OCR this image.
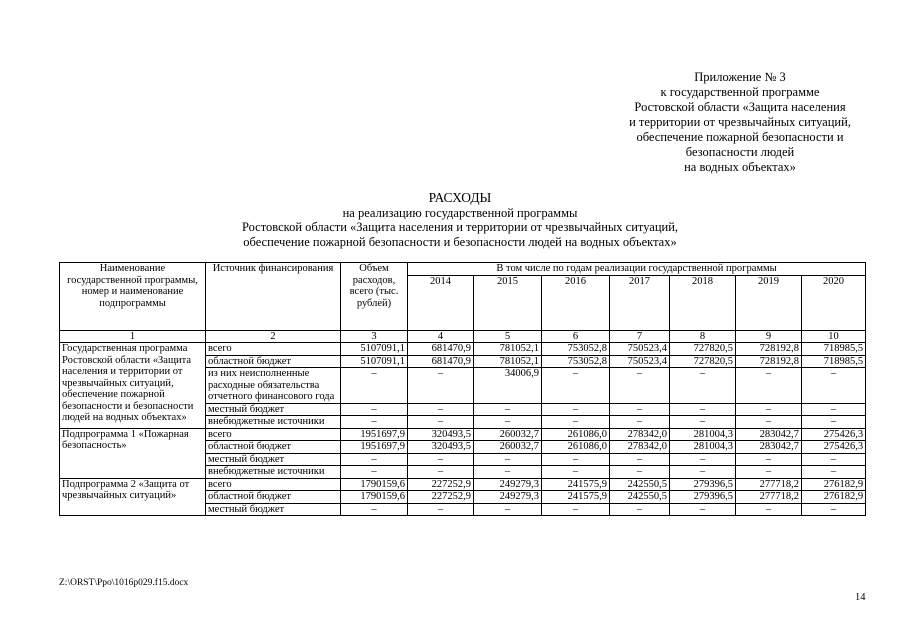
Приложение № 3
к государственной программе
Ростовской области «Защита населения
и территории от чрезвычайных ситуаций,
обеспечение пожарной безопасности и
безопасности людей
на водных объектах»
РАСХОДЫ
на реализацию государственной программы
Ростовской области «Защита населения и территории от чрезвычайных ситуаций,
обеспечение пожарной безопасности и безопасности людей на водных объектах»
Наименование государственной программы, номер и наименование подпрограммы	Источник финансирования	Объем расходов, всего (тыс. рублей)	В том числе по годам реализации государственной программы						
			2014	2015	2016	2017	2018	2019	2020
1	2	3	4	5	6	7	8	9	10
Государственная программа Ростовской области «Защита населения и территории от чрезвычайных ситуаций, обеспечение пожарной безопасности и безопасности людей на водных объектах»	всего	5107091,1	681470,9	781052,1	753052,8	750523,4	727820,5	728192,8	718985,5
	областной бюджет	5107091,1	681470,9	781052,1	753052,8	750523,4	727820,5	728192,8	718985,5
	из них неисполненные расходные обязательства отчетного финансового года	–	–	34006,9	–	–	–	–	–
	местный бюджет	–	–	–	–	–	–	–	–
	внебюджетные источники	–	–	–	–	–	–	–	–
Подпрограмма 1 «Пожарная безопасность»	всего	1951697,9	320493,5	260032,7	261086,0	278342,0	281004,3	283042,7	275426,3
	областной бюджет	1951697,9	320493,5	260032,7	261086,0	278342,0	281004,3	283042,7	275426,3
	местный бюджет	–	–	–	–	–	–	–	–
	внебюджетные источники	–	–	–	–	–	–	–	–
Подпрограмма 2 «Защита от чрезвычайных ситуаций»	всего	1790159,6	227252,9	249279,3	241575,9	242550,5	279396,5	277718,2	276182,9
	областной бюджет	1790159,6	227252,9	249279,3	241575,9	242550,5	279396,5	277718,2	276182,9
	местный бюджет	–	–	–	–	–	–	–	–
Z:\ORST\Ppo\1016p029.f15.docx
14
